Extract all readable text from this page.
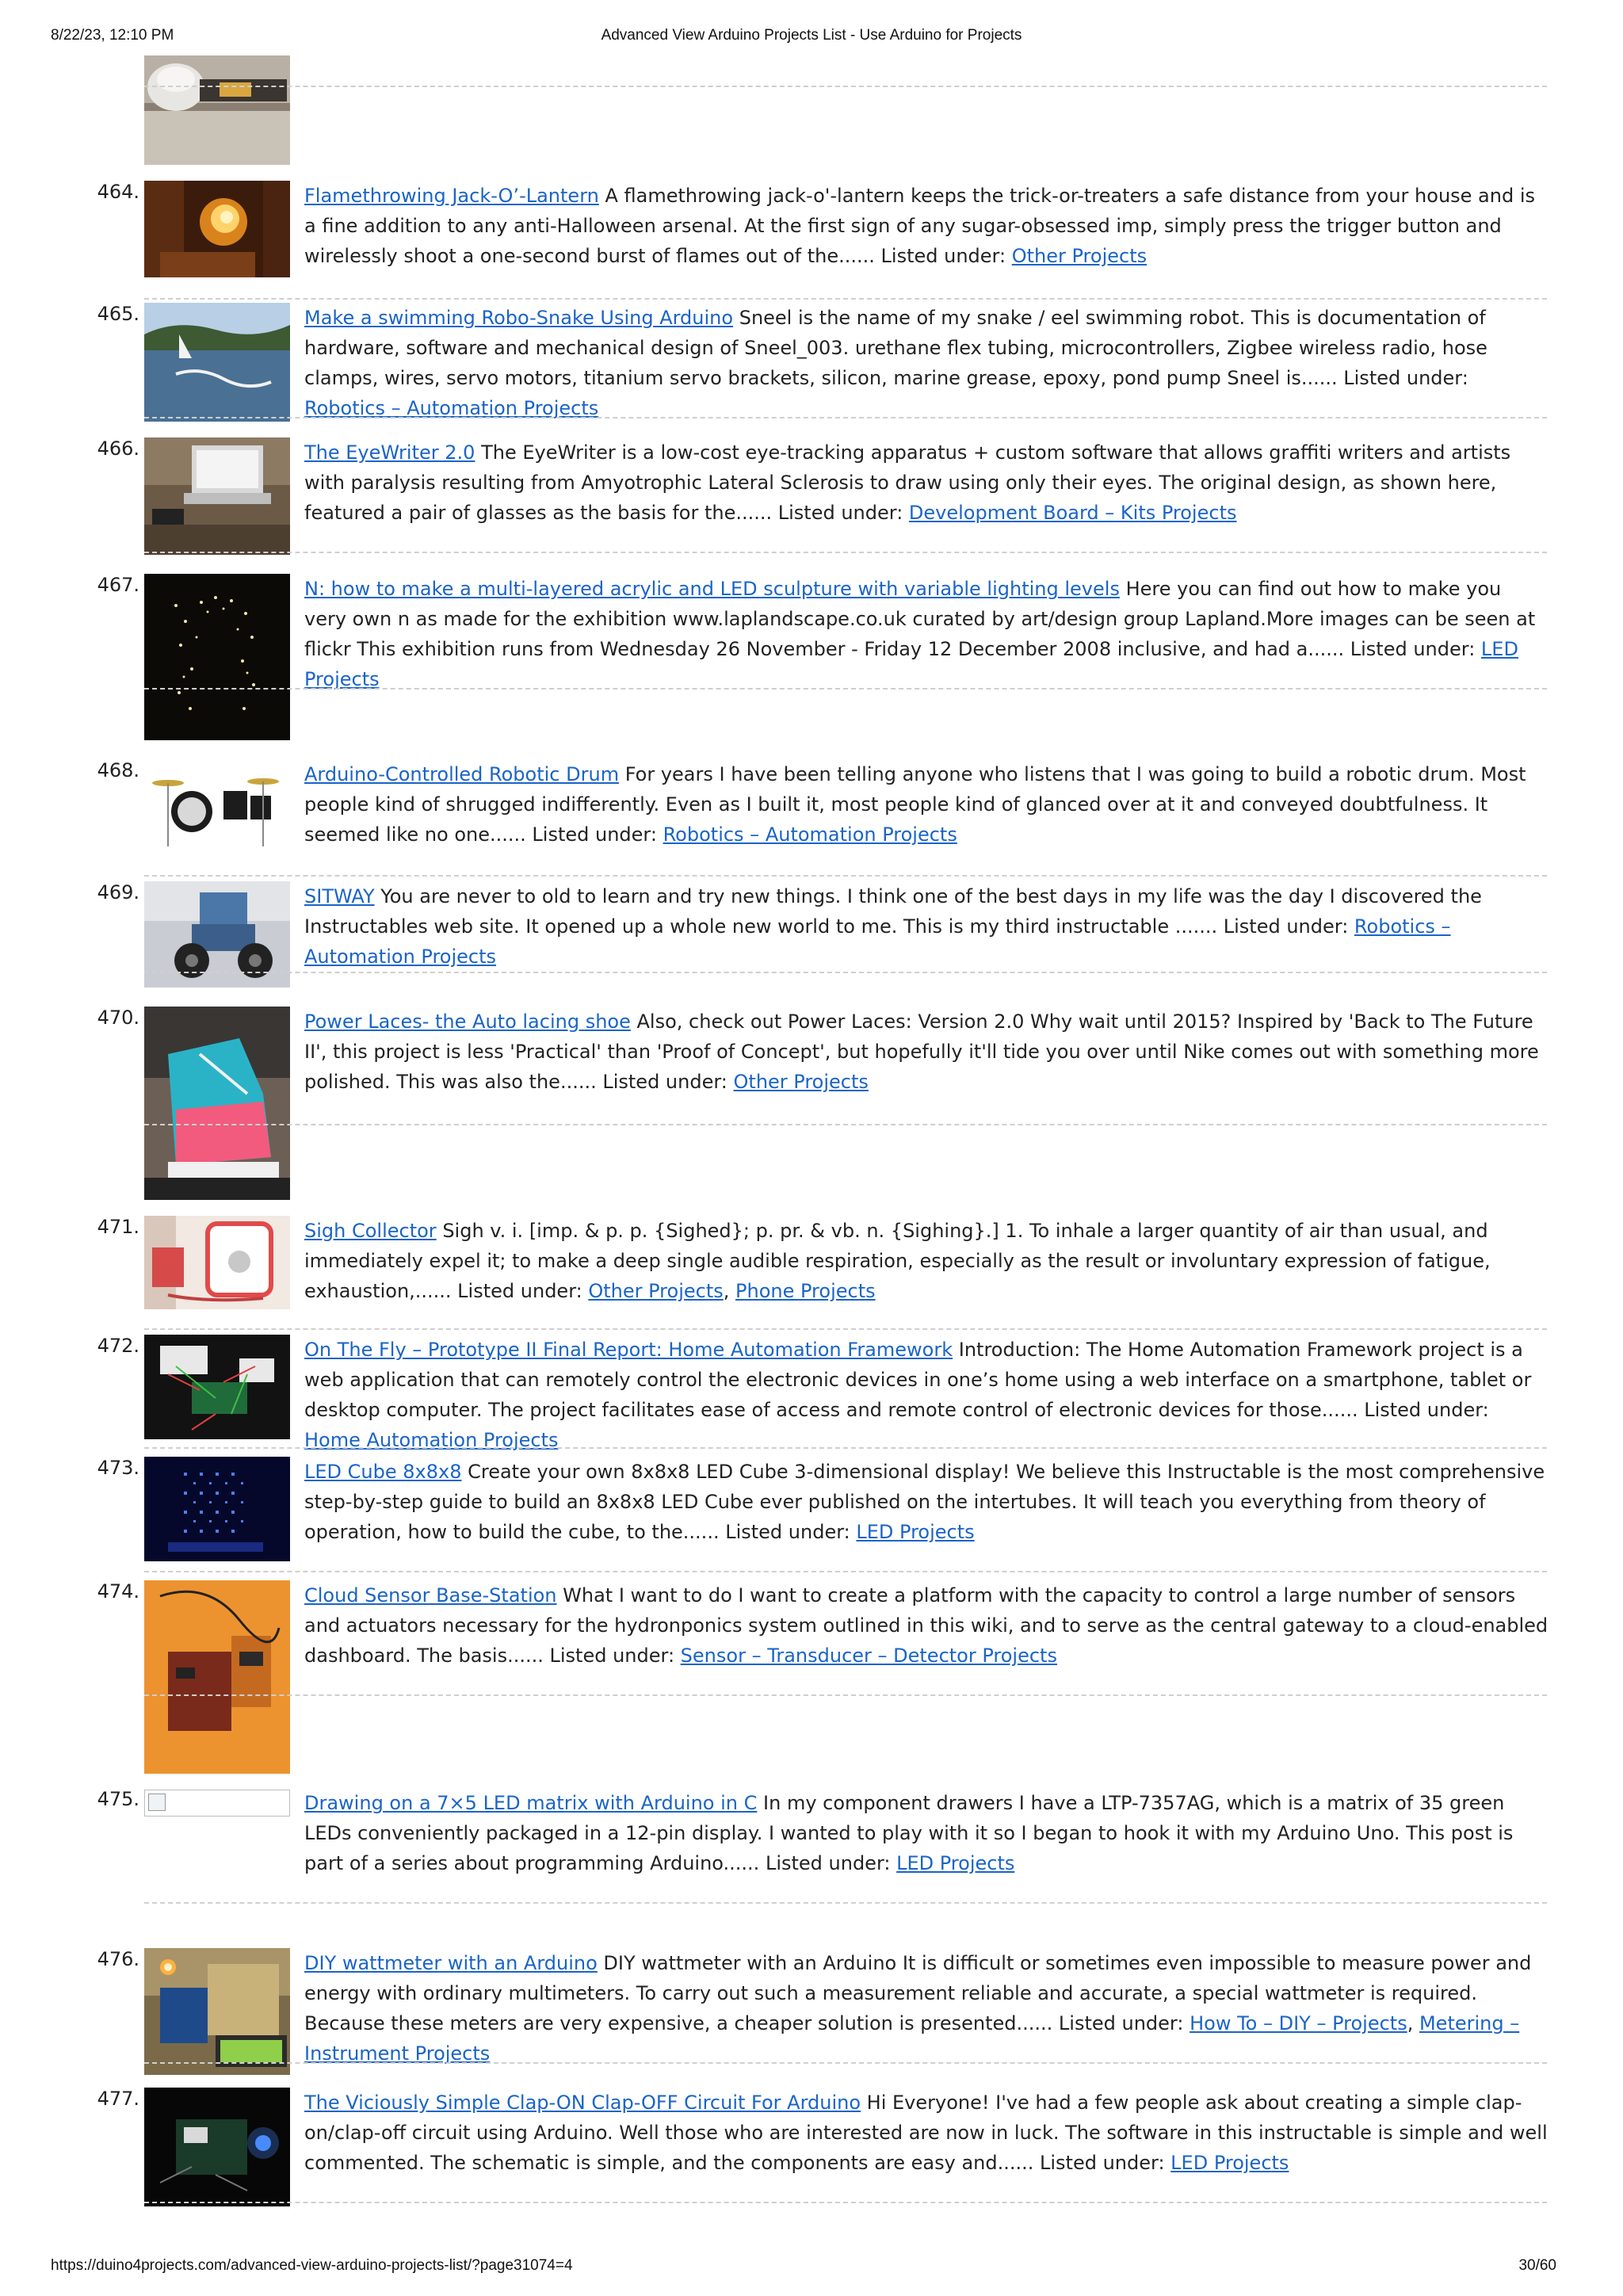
8/22/23, 12:10 PM	Advanced View Arduino Projects List - Use Arduino for Projects
464.	Flamethrowing Jack-O’-Lantern A flamethrowing jack-o'-lantern keeps the trick-or-treaters a safe distance from your house and is a fine addition to any anti-Halloween arsenal. At the first sign of any sugar-obsessed imp, simply press the trigger button and wirelessly shoot a one-second burst of flames out of the...... Listed under: Other Projects
465.	Make a swimming Robo-Snake Using Arduino Sneel is the name of my snake / eel swimming robot. This is documentation of hardware, software and mechanical design of Sneel_003. urethane flex tubing, microcontrollers, Zigbee wireless radio, hose clamps, wires, servo motors, titanium servo brackets, silicon, marine grease, epoxy, pond pump Sneel is...... Listed under: Robotics – Automation Projects
466.	The EyeWriter 2.0 The EyeWriter is a low-cost eye-tracking apparatus + custom software that allows graffiti writers and artists with paralysis resulting from Amyotrophic Lateral Sclerosis to draw using only their eyes. The original design, as shown here, featured a pair of glasses as the basis for the...... Listed under: Development Board – Kits Projects
467.	N: how to make a multi-layered acrylic and LED sculpture with variable lighting levels Here you can find out how to make you very own n as made for the exhibition www.laplandscape.co.uk curated by art/design group Lapland.More images can be seen at flickr This exhibition runs from Wednesday 26 November - Friday 12 December 2008 inclusive, and had a...... Listed under: LED Projects
468.	Arduino-Controlled Robotic Drum For years I have been telling anyone who listens that I was going to build a robotic drum. Most people kind of shrugged indifferently. Even as I built it, most people kind of glanced over at it and conveyed doubtfulness. It seemed like no one...... Listed under: Robotics – Automation Projects
469.	SITWAY You are never to old to learn and try new things. I think one of the best days in my life was the day I discovered the Instructables web site. It opened up a whole new world to me. This is my third instructable ....... Listed under: Robotics – Automation Projects
470.	Power Laces- the Auto lacing shoe Also, check out Power Laces: Version 2.0 Why wait until 2015? Inspired by 'Back to The Future II', this project is less 'Practical' than 'Proof of Concept', but hopefully it'll tide you over until Nike comes out with something more polished. This was also the...... Listed under: Other Projects
471.	Sigh Collector Sigh v. i. [imp. & p. p. {Sighed}; p. pr. & vb. n. {Sighing}.] 1. To inhale a larger quantity of air than usual, and immediately expel it; to make a deep single audible respiration, especially as the result or involuntary expression of fatigue, exhaustion,...... Listed under: Other Projects, Phone Projects
472.	On The Fly – Prototype II Final Report: Home Automation Framework Introduction: The Home Automation Framework project is a web application that can remotely control the electronic devices in one’s home using a web interface on a smartphone, tablet or desktop computer. The project facilitates ease of access and remote control of electronic devices for those...... Listed under: Home Automation Projects
473.	LED Cube 8x8x8 Create your own 8x8x8 LED Cube 3-dimensional display! We believe this Instructable is the most comprehensive step-by-step guide to build an 8x8x8 LED Cube ever published on the intertubes. It will teach you everything from theory of operation, how to build the cube, to the...... Listed under: LED Projects
474.	Cloud Sensor Base-Station What I want to do I want to create a platform with the capacity to control a large number of sensors and actuators necessary for the hydronponics system outlined in this wiki, and to serve as the central gateway to a cloud-enabled dashboard. The basis...... Listed under: Sensor – Transducer – Detector Projects
475.	Drawing on a 7×5 LED matrix with Arduino in C In my component drawers I have a LTP-7357AG, which is a matrix of 35 green LEDs conveniently packaged in a 12-pin display. I wanted to play with it so I began to hook it with my Arduino Uno. This post is part of a series about programming Arduino...... Listed under: LED Projects
476.	DIY wattmeter with an Arduino DIY wattmeter with an Arduino It is difficult or sometimes even impossible to measure power and energy with ordinary multimeters. To carry out such a measurement reliable and accurate, a special wattmeter is required. Because these meters are very expensive, a cheaper solution is presented...... Listed under: How To – DIY – Projects, Metering – Instrument Projects
477.	The Viciously Simple Clap-ON Clap-OFF Circuit For Arduino Hi Everyone! I've had a few people ask about creating a simple clap-on/clap-off circuit using Arduino. Well those who are interested are now in luck. The software in this instructable is simple and well commented. The schematic is simple, and the components are easy and...... Listed under: LED Projects
https://duino4projects.com/advanced-view-arduino-projects-list/?page31074=4	30/60
